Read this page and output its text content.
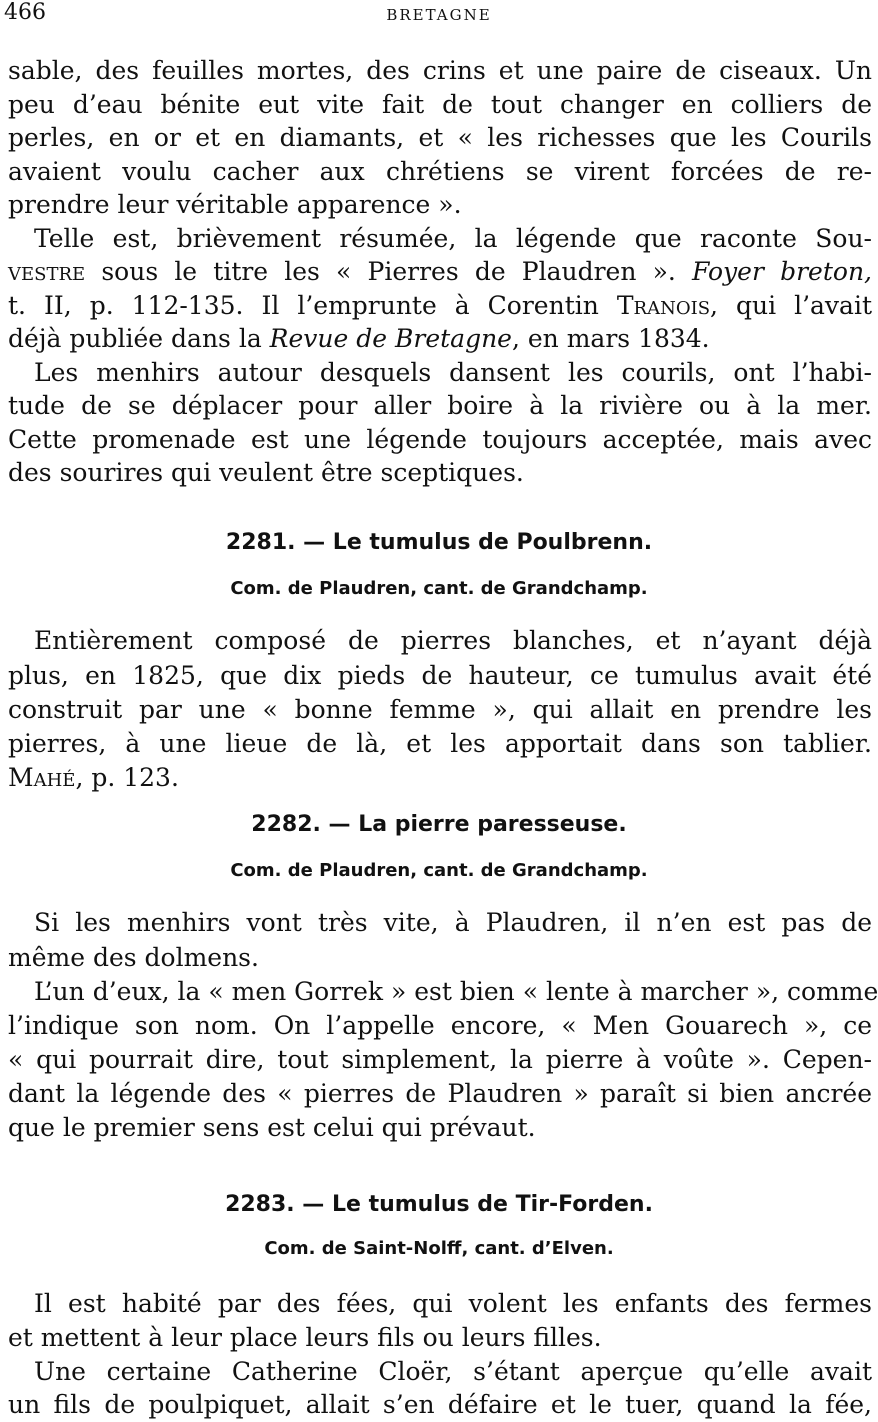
466	BRETAGNE
sable, des feuilles mortes, des crins et une paire de ciseaux. Un
peu d’eau bénite eut vite fait de tout changer en colliers de
perles, en or et en diamants, et « les richesses que les Courils
avaient voulu cacher aux chrétiens se virent forcées de re-
prendre leur véritable apparence ».
Telle est, brièvement résumée, la légende que raconte Sou-
vestre sous le titre les « Pierres de Plaudren ». Foyer breton,
t. II, p. 112-135. Il l’emprunte à Corentin Tranois, qui l’avait
déjà publiée dans la Revue de Bretagne, en mars 1834.
Les menhirs autour desquels dansent les courils, ont l’habi-
tude de se déplacer pour aller boire à la rivière ou à la mer.
Cette promenade est une légende toujours acceptée, mais avec
des sourires qui veulent être sceptiques.
2281. — Le tumulus de Poulbrenn.
Com. de Plaudren, cant. de Grandchamp.
Entièrement composé de pierres blanches, et n’ayant déjà
plus, en 1825, que dix pieds de hauteur, ce tumulus avait été
construit par une « bonne femme », qui allait en prendre les
pierres, à une lieue de là, et les apportait dans son tablier.
Mahé, p. 123.
2282. — La pierre paresseuse.
Com. de Plaudren, cant. de Grandchamp.
Si les menhirs vont très vite, à Plaudren, il n’en est pas de
même des dolmens.
L’un d’eux, la « men Gorrek » est bien « lente à marcher », comme
l’indique son nom. On l’appelle encore, « Men Gouarech », ce
« qui pourrait dire, tout simplement, la pierre à voûte ». Cepen-
dant la légende des « pierres de Plaudren » paraît si bien ancrée
que le premier sens est celui qui prévaut.
2283. — Le tumulus de Tir-Forden.
Com. de Saint-Nolff, cant. d’Elven.
Il est habité par des fées, qui volent les enfants des fermes
et mettent à leur place leurs fils ou leurs filles.
Une certaine Catherine Cloër, s’étant aperçue qu’elle avait
un fils de poulpiquet, allait s’en défaire et le tuer, quand la fée,
